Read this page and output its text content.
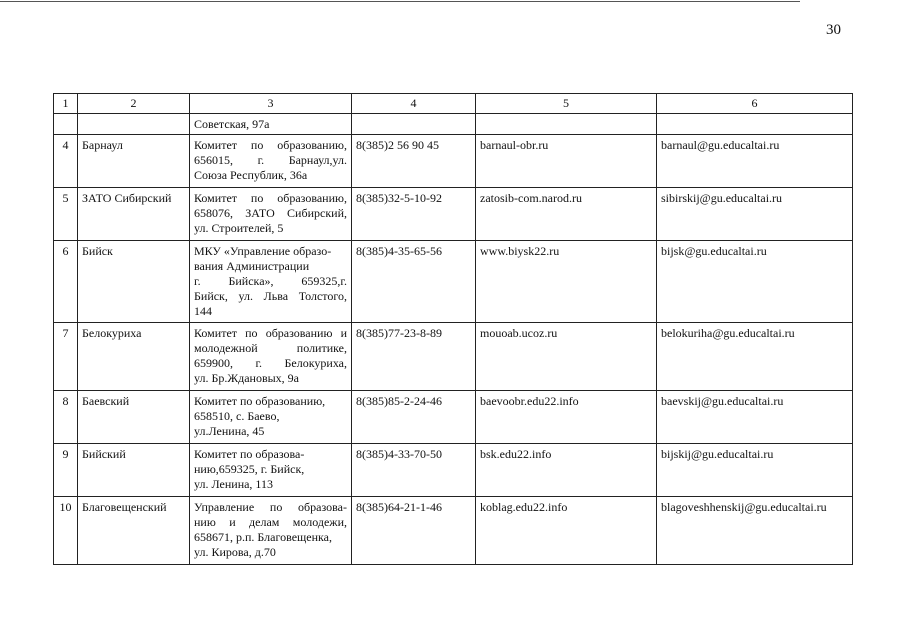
30
1	2	3	4	5	6
		Советская, 97а			
4	Барнаул	Комитет по образованию,
656015, г. Барнаул,ул.
Союза Республик, 36а	8(385)2 56 90 45	barnaul-obr.ru	barnaul@gu.educaltai.ru
5	ЗАТО Сибирский	Комитет по образованию,
658076, ЗАТО Сибирский,
ул. Строителей, 5	8(385)32-5-10-92	zatosib-com.narod.ru	sibirskij@gu.educaltai.ru
6	Бийск	МКУ «Управление образо-
вания Администрации
г. Бийска», 659325,г.
Бийск, ул. Льва Толстого,
144	8(385)4-35-65-56	www.biysk22.ru	bijsk@gu.educaltai.ru
7	Белокуриха	Комитет по образованию и
молодежной политике,
659900, г. Белокуриха,
ул. Бр.Ждановых, 9а	8(385)77-23-8-89	mouoab.ucoz.ru	belokuriha@gu.educaltai.ru
8	Баевский	Комитет по образованию,
658510, с. Баево,
ул.Ленина, 45	8(385)85-2-24-46	baevoobr.edu22.info	baevskij@gu.educaltai.ru
9	Бийский	Комитет по образова-
нию,659325, г. Бийск,
ул. Ленина, 113	8(385)4-33-70-50	bsk.edu22.info	bijskij@gu.educaltai.ru
10	Благовещенский	Управление по образова-
нию и делам молодежи,
658671, р.п. Благовещенка,
ул. Кирова, д.70	8(385)64-21-1-46	koblag.edu22.info	blagoveshhenskij@gu.educaltai.ru
